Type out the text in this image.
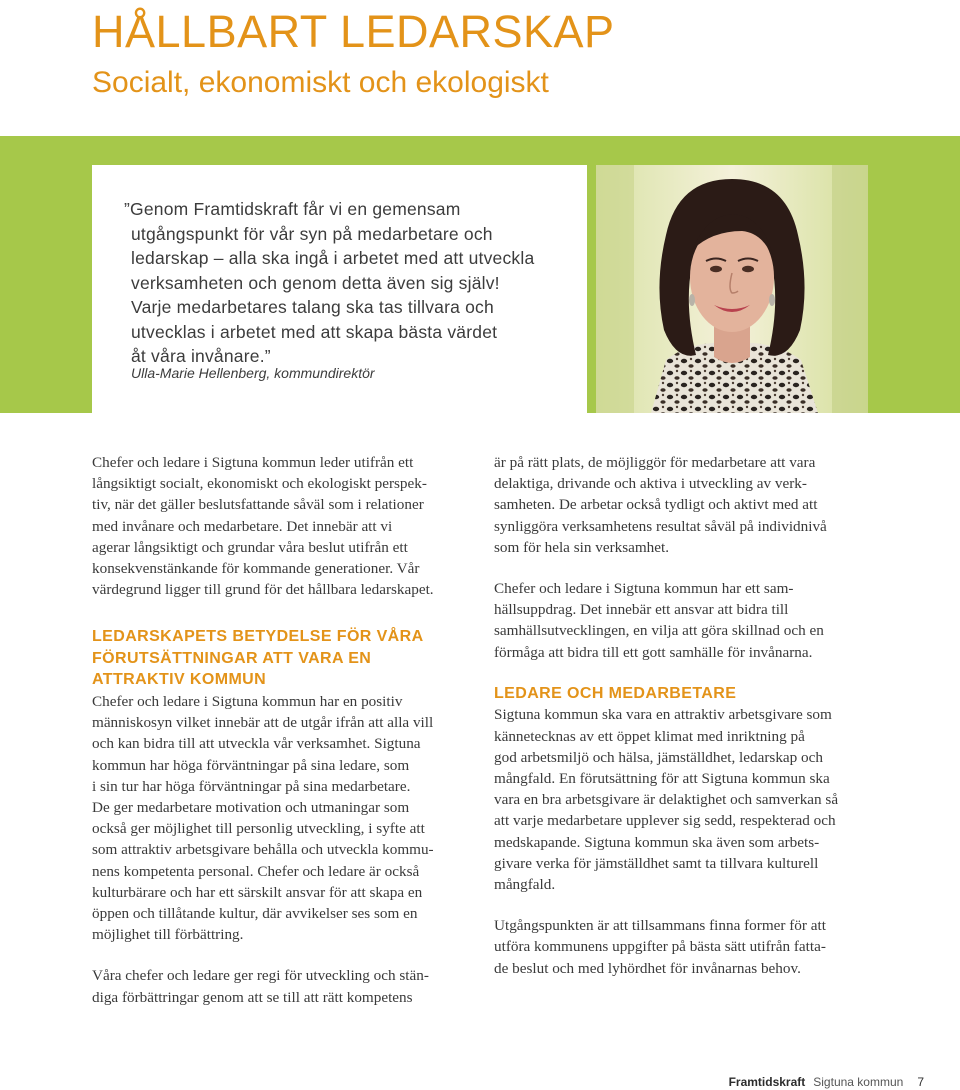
HÅLLBART LEDARSKAP
Socialt, ekonomiskt och ekologiskt

”Genom Framtidskraft får vi en gemensam
utgångspunkt för vår syn på medarbetare och
ledarskap – alla ska ingå i arbetet med att utveckla
verksamheten och genom detta även sig själv!
Varje medarbetares talang ska tas tillvara och
utvecklas i arbetet med att skapa bästa värdet
åt våra invånare.”

Ulla-Marie Hellenberg, kommundirektör

Chefer och ledare i Sigtuna kommun leder utifrån ett
långsiktigt socialt, ekonomiskt och ekologiskt perspek-
tiv, när det gäller beslutsfattande såväl som i relationer
med invånare och medarbetare. Det innebär att vi
agerar långsiktigt och grundar våra beslut utifrån ett
konsekvenstänkande för kommande generationer. Vår
värdegrund ligger till grund för det hållbara ledarskapet.

LEDARSKAPETS BETYDELSE FÖR VÅRA
FÖRUTSÄTTNINGAR ATT VARA EN
ATTRAKTIV KOMMUN

Chefer och ledare i Sigtuna kommun har en positiv
människosyn vilket innebär att de utgår ifrån att alla vill
och kan bidra till att utveckla vår verksamhet. Sigtuna
kommun har höga förväntningar på sina ledare, som
i sin tur har höga förväntningar på sina medarbetare.
De ger medarbetare motivation och utmaningar som
också ger möjlighet till personlig utveckling, i syfte att
som attraktiv arbetsgivare behålla och utveckla kommu-
nens kompetenta personal. Chefer och ledare är också
kulturbärare och har ett särskilt ansvar för att skapa en
öppen och tillåtande kultur, där avvikelser ses som en
möjlighet till förbättring.

Våra chefer och ledare ger regi för utveckling och stän-
diga förbättringar genom att se till att rätt kompetens

är på rätt plats, de möjliggör för medarbetare att vara
delaktiga, drivande och aktiva i utveckling av verk-
samheten. De arbetar också tydligt och aktivt med att
synliggöra verksamhetens resultat såväl på individnivå
som för hela sin verksamhet.

Chefer och ledare i Sigtuna kommun har ett sam-
hällsuppdrag. Det innebär ett ansvar att bidra till
samhällsutvecklingen, en vilja att göra skillnad och en
förmåga att bidra till ett gott samhälle för invånarna.

LEDARE OCH MEDARBETARE

Sigtuna kommun ska vara en attraktiv arbetsgivare som
kännetecknas av ett öppet klimat med inriktning på
god arbetsmiljö och hälsa, jämställdhet, ledarskap och
mångfald. En förutsättning för att Sigtuna kommun ska
vara en bra arbetsgivare är delaktighet och samverkan så
att varje medarbetare upplever sig sedd, respekterad och
medskapande. Sigtuna kommun ska även som arbets-
givare verka för jämställdhet samt ta tillvara kulturell
mångfald.

Utgångspunkten är att tillsammans finna former för att
utföra kommunens uppgifter på bästa sätt utifrån fatta-
de beslut och med lyhördhet för invånarnas behov.

Framtidskraft Sigtuna kommun 7
